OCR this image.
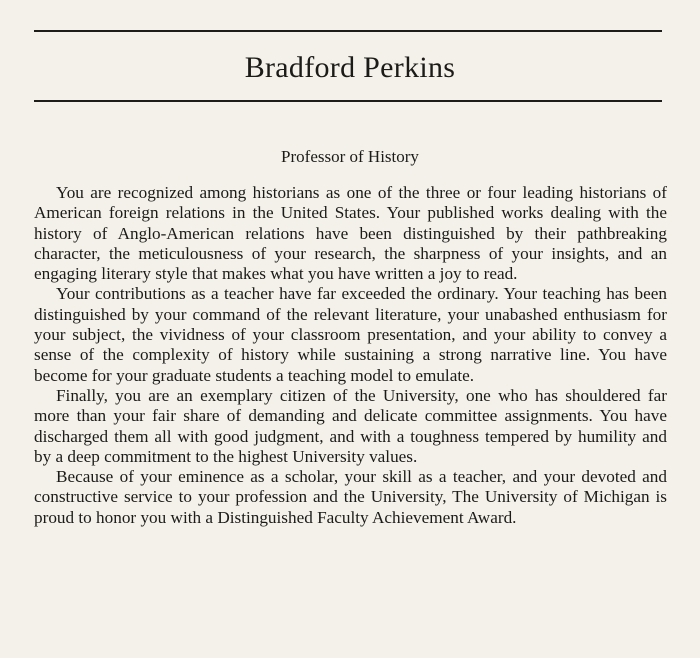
Bradford Perkins
Professor of History

You are recognized among historians as one of the three or four leading historians of American foreign relations in the United States. Your published works dealing with the history of Anglo-American relations have been distinguished by their pathbreaking character, the meticulousness of your research, the sharpness of your insights, and an engaging literary style that makes what you have written a joy to read.

Your contributions as a teacher have far exceeded the ordinary. Your teaching has been distinguished by your command of the relevant literature, your unabashed enthusiasm for your subject, the vividness of your classroom presentation, and your ability to convey a sense of the complexity of history while sustaining a strong narrative line. You have become for your graduate students a teaching model to emulate.

Finally, you are an exemplary citizen of the University, one who has shouldered far more than your fair share of demanding and delicate committee assignments. You have discharged them all with good judgment, and with a toughness tempered by humility and by a deep commitment to the highest University values.

Because of your eminence as a scholar, your skill as a teacher, and your devoted and constructive service to your profession and the University, The University of Michigan is proud to honor you with a Distinguished Faculty Achievement Award.
